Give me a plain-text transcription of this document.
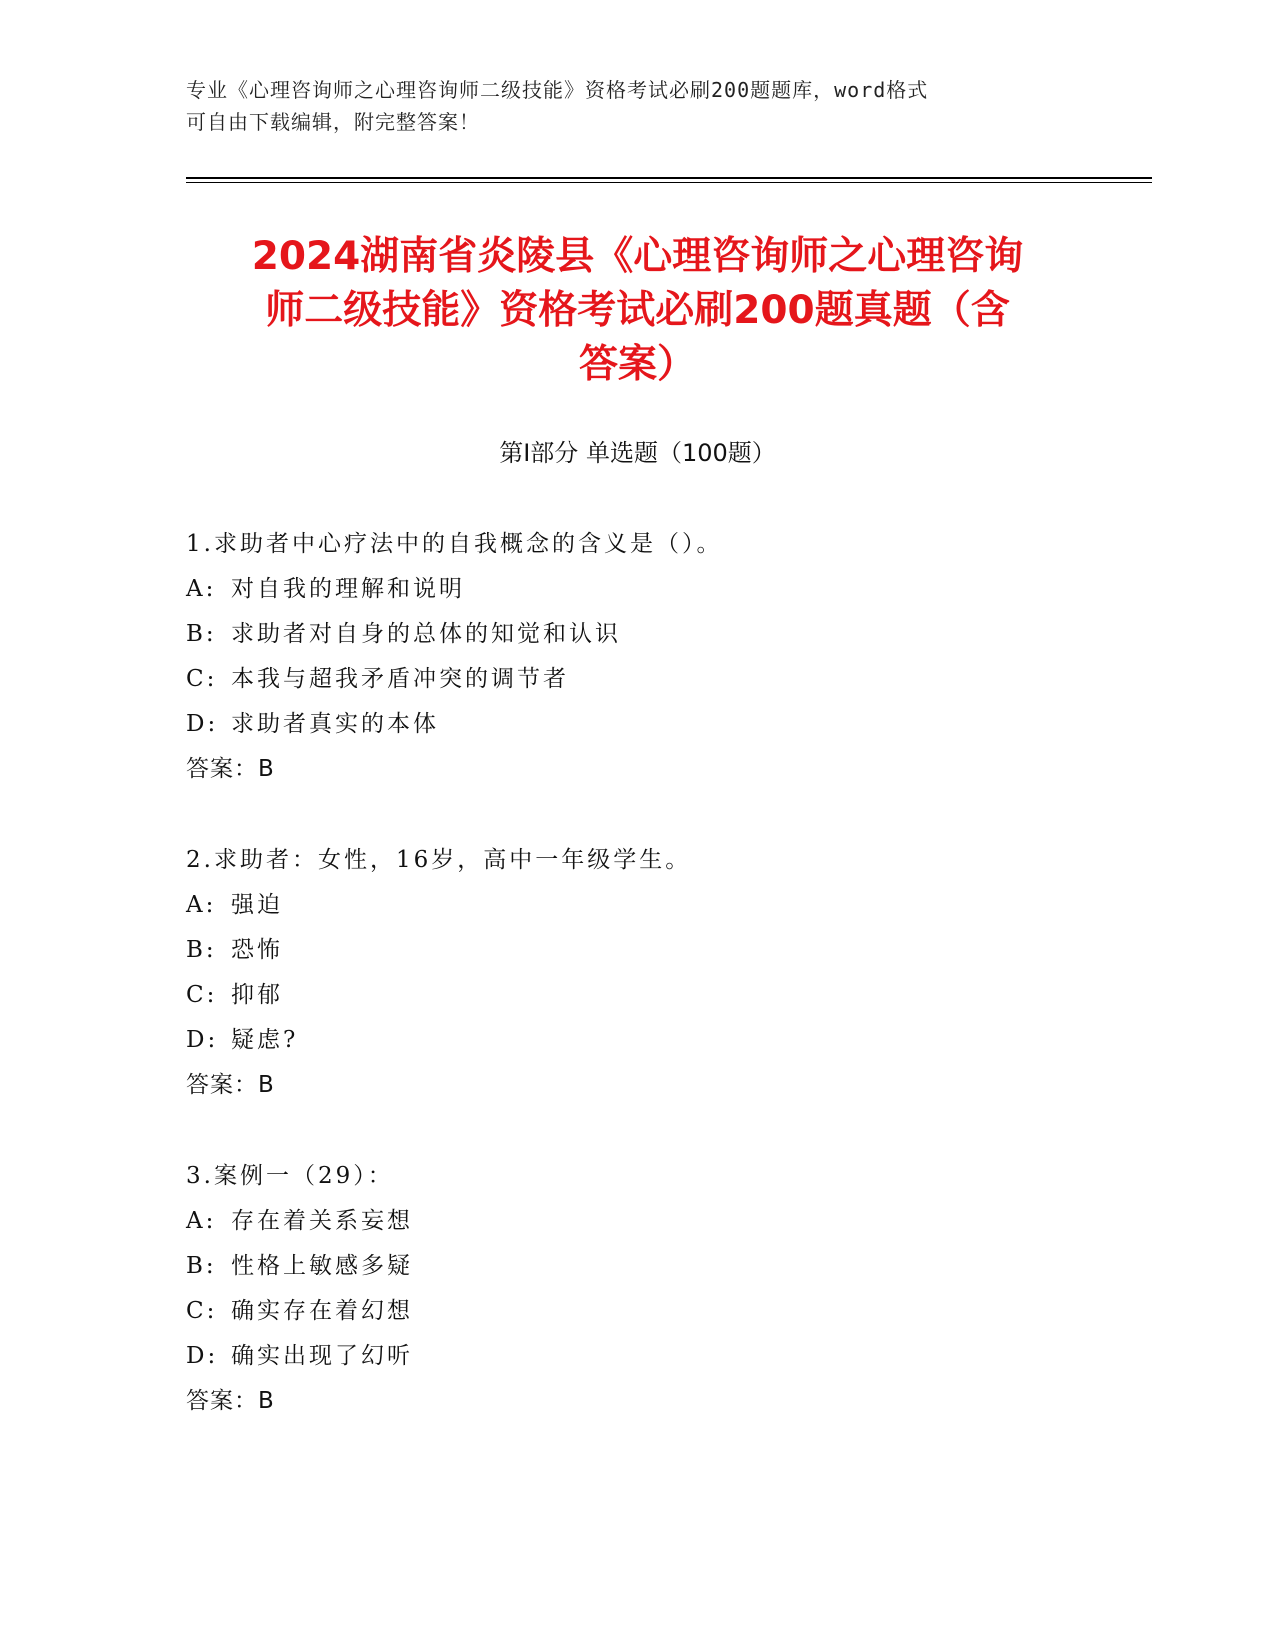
专业《心理咨询师之心理咨询师二级技能》资格考试必刷200题题库，word格式
可自由下载编辑，附完整答案！
2024湖南省炎陵县《心理咨询师之心理咨询
师二级技能》资格考试必刷200题真题（含
答案）
第Ⅰ部分 单选题（100题）
1.求助者中心疗法中的自我概念的含义是（）。
A: 对自我的理解和说明
B: 求助者对自身的总体的知觉和认识
C: 本我与超我矛盾冲突的调节者
D: 求助者真实的本体
答案：B
2.求助者：女性，16岁，高中一年级学生。
A: 强迫
B: 恐怖
C: 抑郁
D: 疑虑?
答案：B
3.案例一（29）：
A: 存在着关系妄想
B: 性格上敏感多疑
C: 确实存在着幻想
D: 确实出现了幻听
答案：B
